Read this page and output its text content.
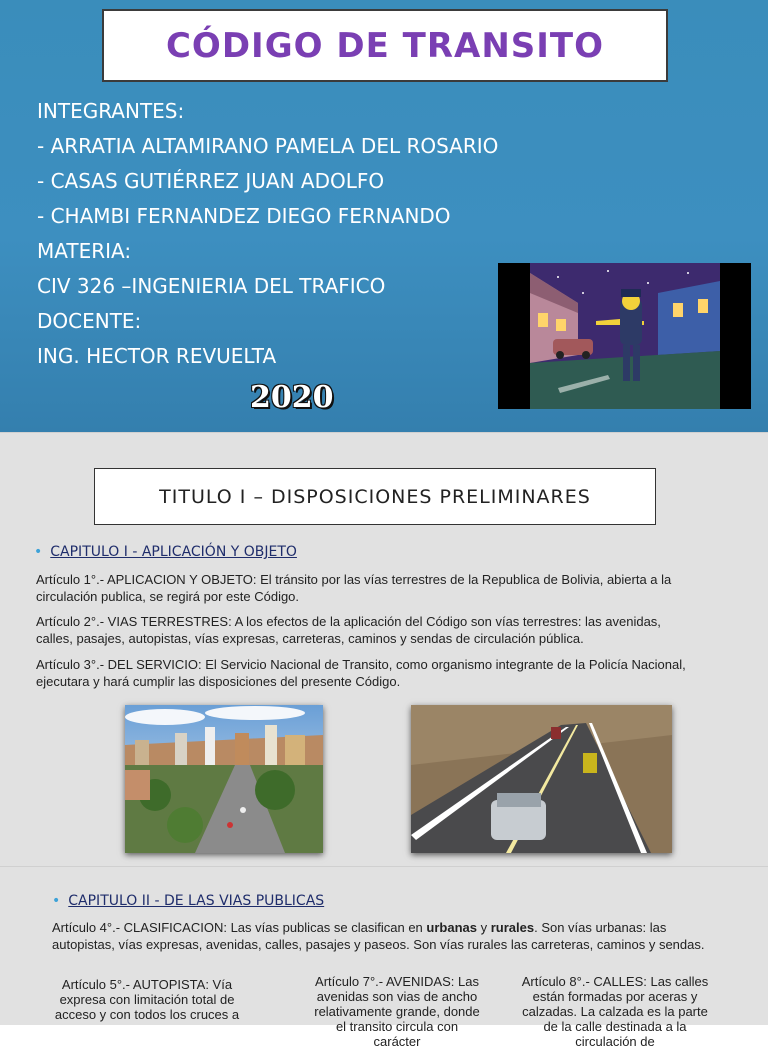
CÓDIGO DE TRANSITO
INTEGRANTES:
- ARRATIA ALTAMIRANO PAMELA DEL ROSARIO
- CASAS GUTIÉRREZ JUAN ADOLFO
- CHAMBI FERNANDEZ DIEGO FERNANDO
MATERIA:
CIV 326 –INGENIERIA DEL TRAFICO
DOCENTE:
ING. HECTOR REVUELTA
2020
TITULO I – DISPOSICIONES PRELIMINARES
• CAPITULO I - APLICACIÓN Y OBJETO
Artículo 1°.- APLICACION Y OBJETO: El tránsito por las vías terrestres de la Republica de Bolivia, abierta a la circulación publica, se regirá por este Código.
Artículo 2°.- VIAS TERRESTRES: A los efectos de la aplicación del Código son vías terrestres: las avenidas, calles, pasajes, autopistas, vías expresas, carreteras, caminos y sendas de circulación pública.
Artículo 3°.- DEL SERVICIO: El Servicio Nacional de Transito, como organismo integrante de la Policía Nacional, ejecutara y hará cumplir las disposiciones del presente Código.
• CAPITULO II - DE LAS VIAS PUBLICAS
Artículo 4°.- CLASIFICACION: Las vías publicas se clasifican en urbanas y rurales. Son vías urbanas: las autopistas, vías expresas, avenidas, calles, pasajes y paseos. Son vías rurales las carreteras, caminos y sendas.
Artículo 5°.- AUTOPISTA: Vía expresa con limitación total de acceso y con todos los cruces a
Artículo 7°.- AVENIDAS: Las avenidas son vias de ancho relativamente grande, donde el transito circula con carácter
Artículo 8°.- CALLES: Las calles están formadas por aceras y calzadas. La calzada es la parte de la calle destinada a la circulación de
